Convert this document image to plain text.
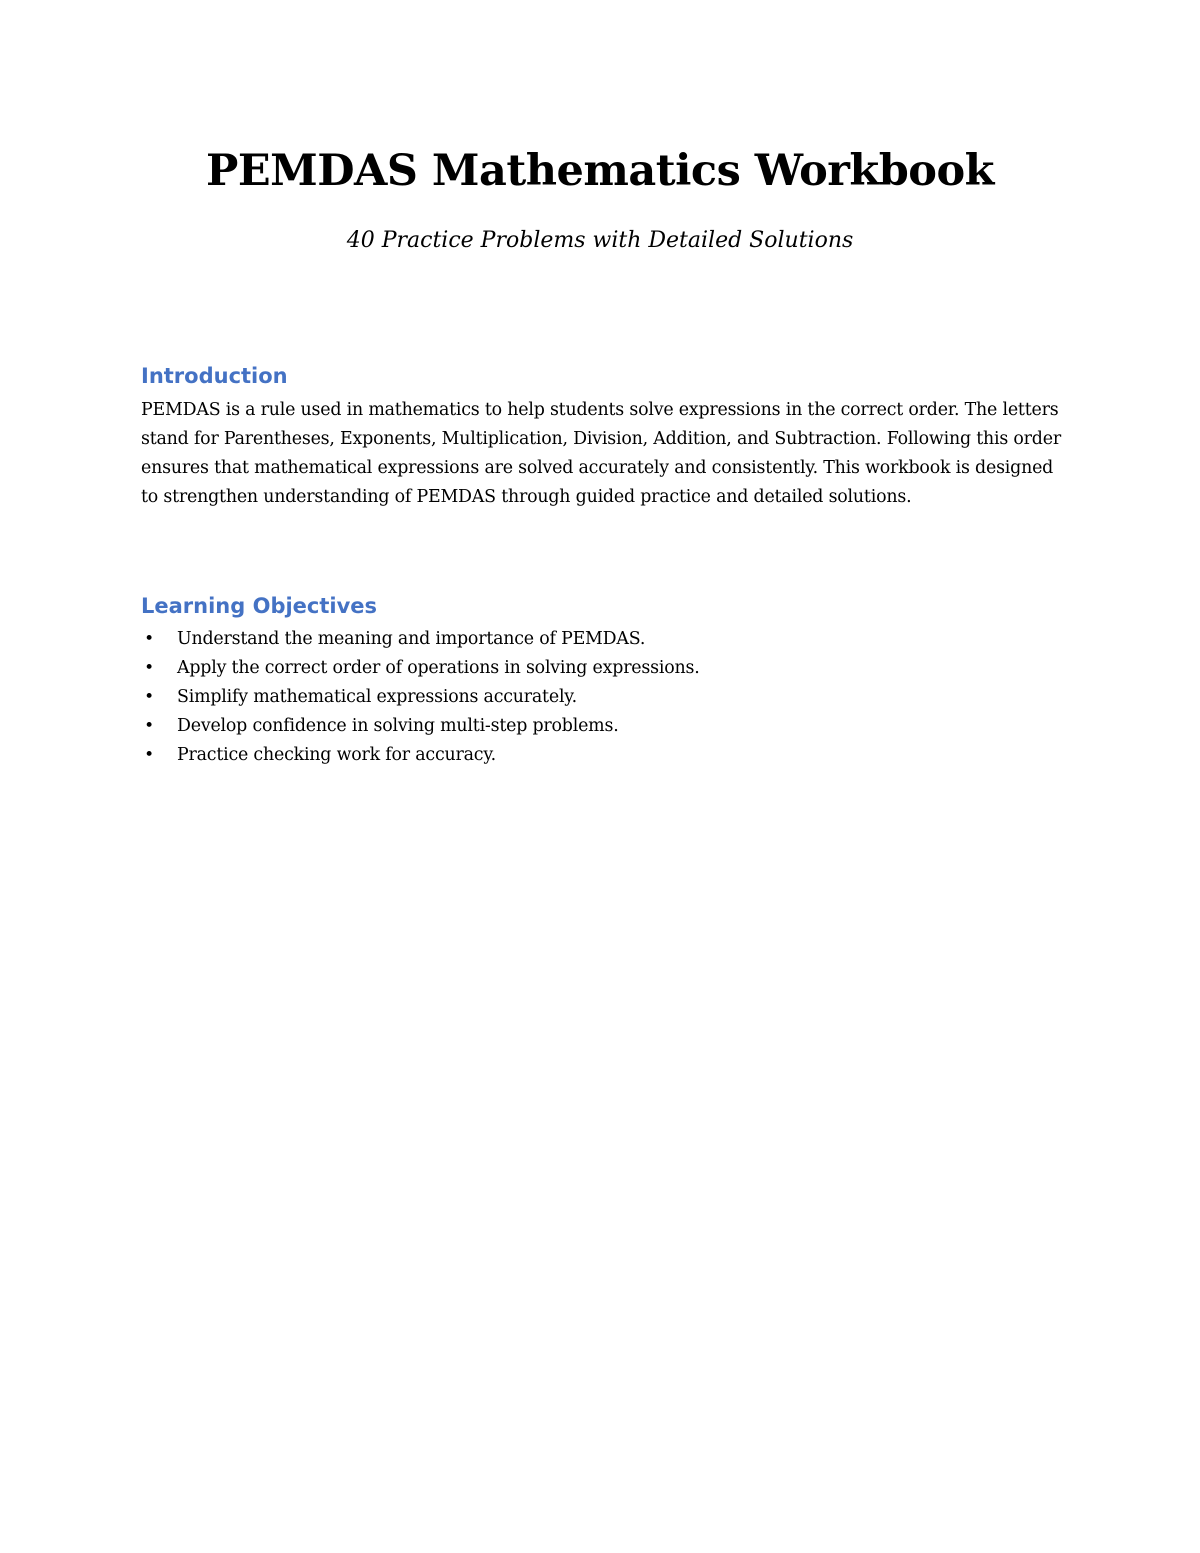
PEMDAS Mathematics Workbook

40 Practice Problems with Detailed Solutions

Introduction

PEMDAS is a rule used in mathematics to help students solve expressions in the correct order. The letters stand for Parentheses, Exponents, Multiplication, Division, Addition, and Subtraction. Following this order ensures that mathematical expressions are solved accurately and consistently. This workbook is designed to strengthen understanding of PEMDAS through guided practice and detailed solutions.

Learning Objectives
• Understand the meaning and importance of PEMDAS.
• Apply the correct order of operations in solving expressions.
• Simplify mathematical expressions accurately.
• Develop confidence in solving multi-step problems.
• Practice checking work for accuracy.
